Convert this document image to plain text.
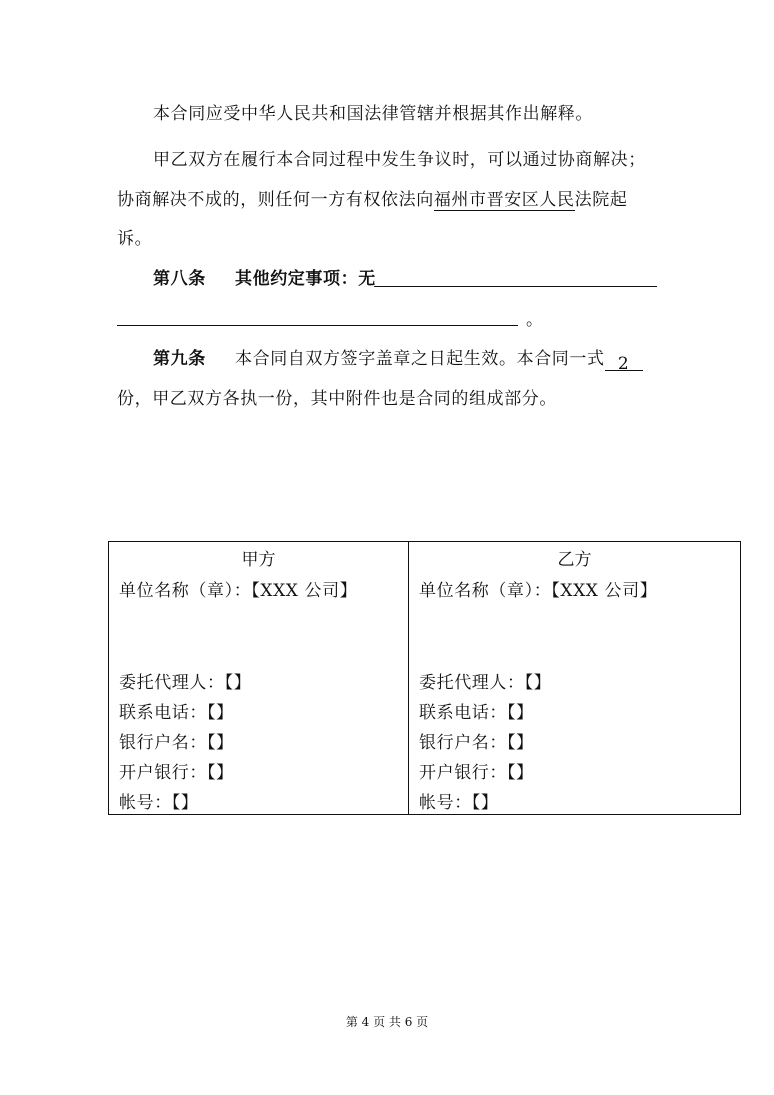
本合同应受中华人民共和国法律管辖并根据其作出解释。
甲乙双方在履行本合同过程中发生争议时，可以通过协商解决；
协商解决不成的，则任何一方有权依法向福州市晋安区人民法院起
诉。
第八条 其他约定事项：无
。
第九条 本合同自双方签字盖章之日起生效。本合同一式 2
份，甲乙双方各执一份，其中附件也是合同的组成部分。
甲方
单位名称（章）：【XXX 公司】
委托代理人：【】
联系电话：【】
银行户名：【】
开户银行：【】
帐号：【】

乙方
单位名称（章）：【XXX 公司】
委托代理人：【】
联系电话：【】
银行户名：【】
开户银行：【】
帐号：【】
第 4 页 共 6 页
